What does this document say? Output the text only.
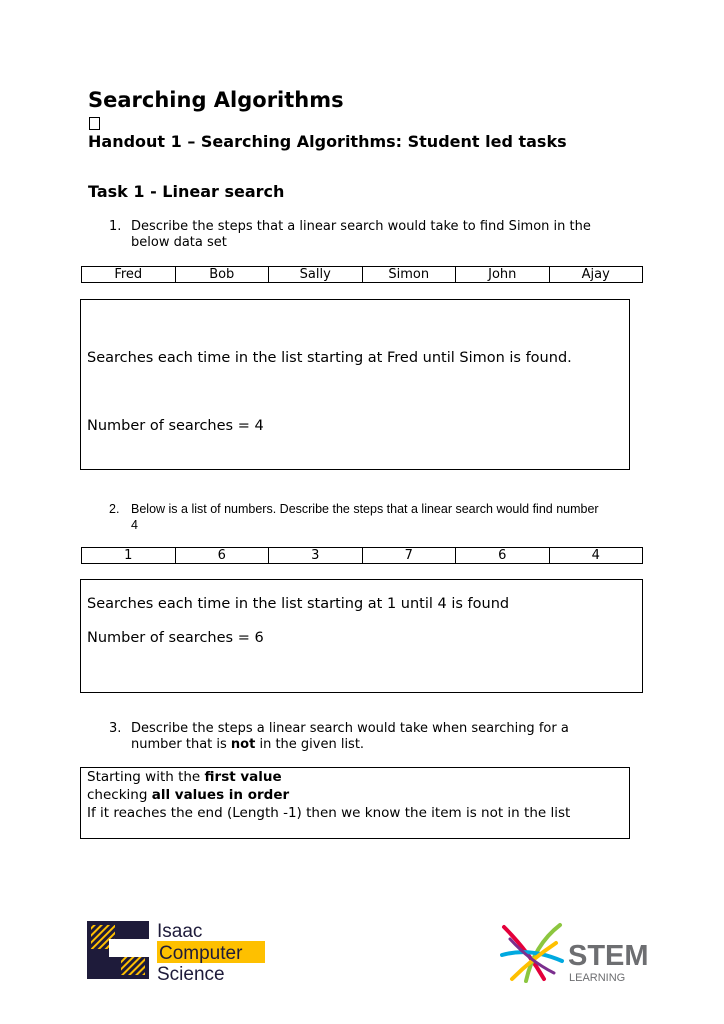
Searching Algorithms
Handout 1 – Searching Algorithms: Student led tasks
Task 1 - Linear search
1. Describe the steps that a linear search would take to find Simon in the
below data set
Fred	Bob	Sally	Simon	John	Ajay
Searches each time in the list starting at Fred until Simon is found.
Number of searches = 4
2. Below is a list of numbers. Describe the steps that a linear search would find number
4
1	6	3	7	6	4
Searches each time in the list starting at 1 until 4 is found
Number of searches = 6
3. Describe the steps a linear search would take when searching for a
number that is not in the given list.
Starting with the first value
checking all values in order
If it reaches the end (Length -1) then we know the item is not in the list
Isaac
Computer
Science
STEM
LEARNING
